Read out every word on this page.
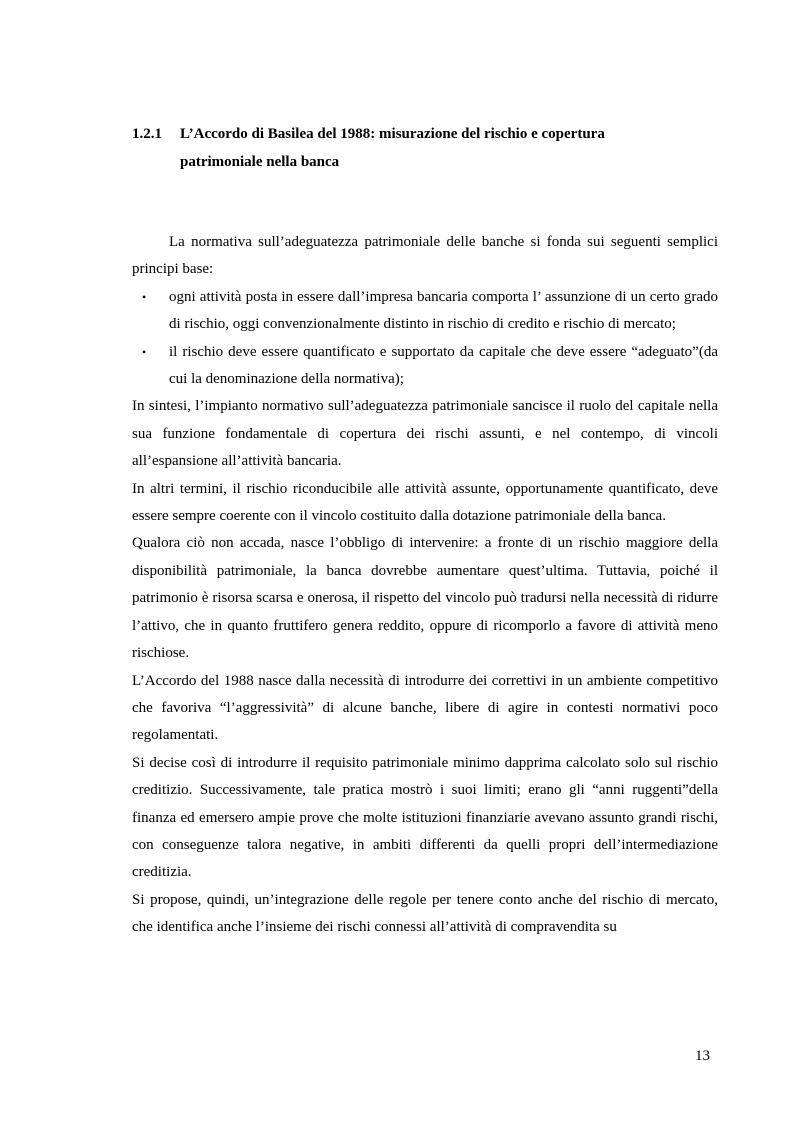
1.2.1 L’Accordo di Basilea del 1988: misurazione del rischio e copertura
patrimoniale nella banca

La normativa sull’adeguatezza patrimoniale delle banche si fonda sui seguenti semplici principi base:

• ogni attività posta in essere dall’impresa bancaria comporta l’ assunzione di un certo grado di rischio, oggi convenzionalmente distinto in rischio di credito e rischio di mercato;
• il rischio deve essere quantificato e supportato da capitale che deve essere “adeguato”(da cui la denominazione della normativa);

In sintesi, l’impianto normativo sull’adeguatezza patrimoniale sancisce il ruolo del capitale nella sua funzione fondamentale di copertura dei rischi assunti, e nel contempo, di vincoli all’espansione all’attività bancaria.

In altri termini, il rischio riconducibile alle attività assunte, opportunamente quantificato, deve essere sempre coerente con il vincolo costituito dalla dotazione patrimoniale della banca.

Qualora ciò non accada, nasce l’obbligo di intervenire: a fronte di un rischio maggiore della disponibilità patrimoniale, la banca dovrebbe aumentare quest’ultima. Tuttavia, poiché il patrimonio è risorsa scarsa e onerosa, il rispetto del vincolo può tradursi nella necessità di ridurre l’attivo, che in quanto fruttifero genera reddito, oppure di ricomporlo a favore di attività meno rischiose.

L’Accordo del 1988 nasce dalla necessità di introdurre dei correttivi in un ambiente competitivo che favoriva “l’aggressività” di alcune banche, libere di agire in contesti normativi poco regolamentati.

Si decise così di introdurre il requisito patrimoniale minimo dapprima calcolato solo sul rischio creditizio. Successivamente, tale pratica mostrò i suoi limiti; erano gli “anni ruggenti”della finanza ed emersero ampie prove che molte istituzioni finanziarie avevano assunto grandi rischi, con conseguenze talora negative, in ambiti differenti da quelli propri dell’intermediazione creditizia.

Si propose, quindi, un’integrazione delle regole per tenere conto anche del rischio di mercato, che identifica anche l’insieme dei rischi connessi all’attività di compravendita su

13
